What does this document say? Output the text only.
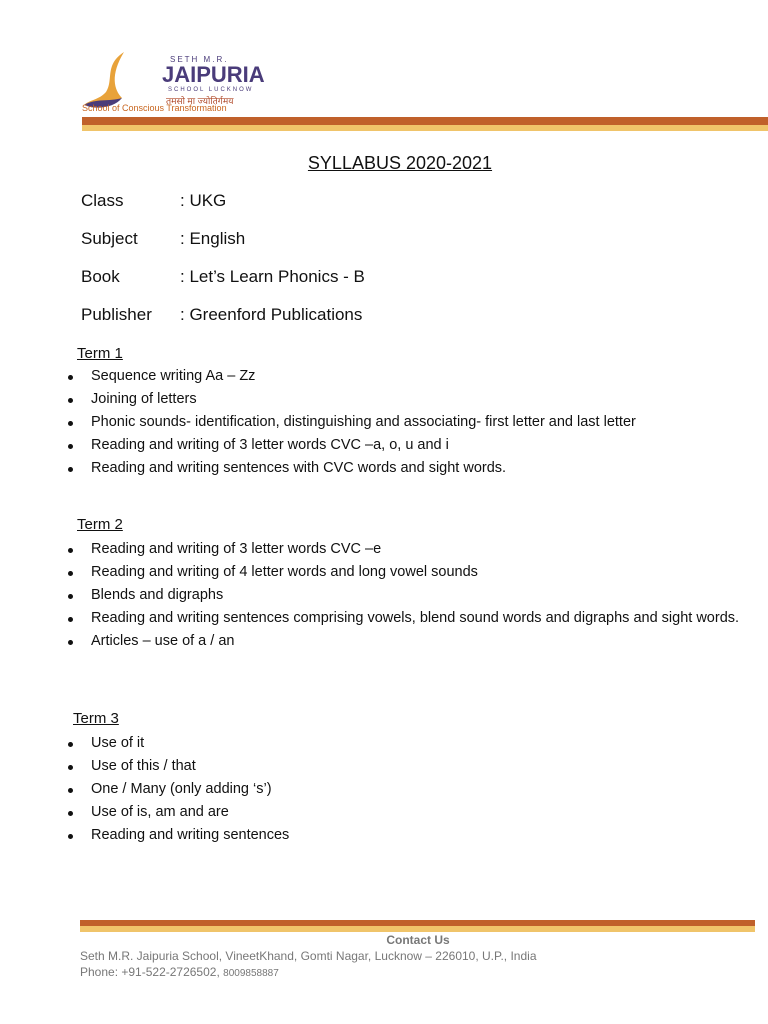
SETH M.R.
JAIPURIA
SCHOOL LUCKNOW
तमसो मा ज्योतिर्गमय
School of Conscious Transformation
SYLLABUS 2020-2021
Class	: UKG
Subject : English
Book	: Let’s Learn Phonics - B
Publisher : Greenford Publications
Term 1
Sequence writing Aa – Zz
Joining of letters
Phonic sounds- identification, distinguishing and associating- first letter and last letter
Reading and writing of 3 letter words CVC –a, o, u and i
Reading and writing sentences with CVC words and sight words.
Term 2
Reading and writing of 3 letter words CVC –e
Reading and writing of 4 letter words and long vowel sounds
Blends and digraphs
Reading and writing sentences comprising vowels, blend sound words and digraphs and sight words.
Articles – use of a / an
Term 3
Use of it
Use of this / that
One / Many (only adding ‘s’)
Use of is, am and are
Reading and writing sentences
Contact Us
Seth M.R. Jaipuria School, VineetKhand, Gomti Nagar, Lucknow – 226010, U.P., India
Phone: +91-522-2726502, 8009858887
